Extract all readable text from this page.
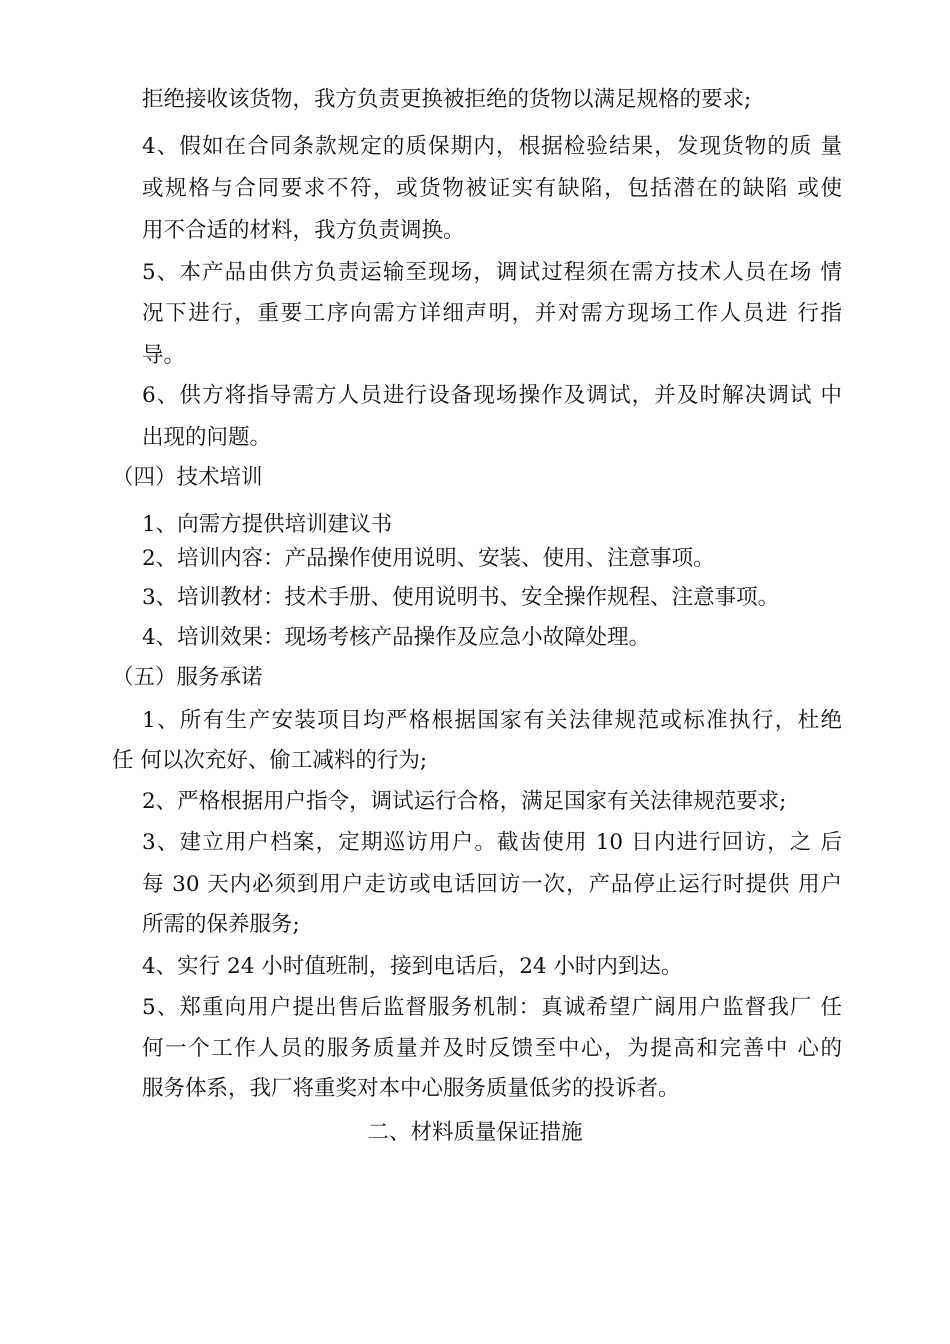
拒绝接收该货物，我方负责更换被拒绝的货物以满足规格的要求;
4、假如在合同条款规定的质保期内，根据检验结果，发现货物的质 量
或规格与合同要求不符，或货物被证实有缺陷，包括潜在的缺陷 或使
用不合适的材料，我方负责调换。
5、本产品由供方负责运输至现场，调试过程须在需方技术人员在场 情
况下进行，重要工序向需方详细声明，并对需方现场工作人员进 行指
导。
6、供方将指导需方人员进行设备现场操作及调试，并及时解决调试 中
出现的问题。
（四）技术培训
1、向需方提供培训建议书
2、培训内容：产品操作使用说明、安装、使用、注意事项。
3、培训教材：技术手册、使用说明书、安全操作规程、注意事项。
4、培训效果：现场考核产品操作及应急小故障处理。
（五）服务承诺
1、所有生产安装项目均严格根据国家有关法律规范或标准执行，杜绝
任 何以次充好、偷工减料的行为;
2、严格根据用户指令，调试运行合格，满足国家有关法律规范要求;
3、建立用户档案，定期巡访用户。截齿使用 10 日内进行回访，之 后
每 30 天内必须到用户走访或电话回访一次，产品停止运行时提供 用户
所需的保养服务;
4、实行 24 小时值班制，接到电话后，24 小时内到达。
5、郑重向用户提出售后监督服务机制：真诚希望广阔用户监督我厂 任
何一个工作人员的服务质量并及时反馈至中心，为提高和完善中 心的
服务体系，我厂将重奖对本中心服务质量低劣的投诉者。
二、材料质量保证措施
